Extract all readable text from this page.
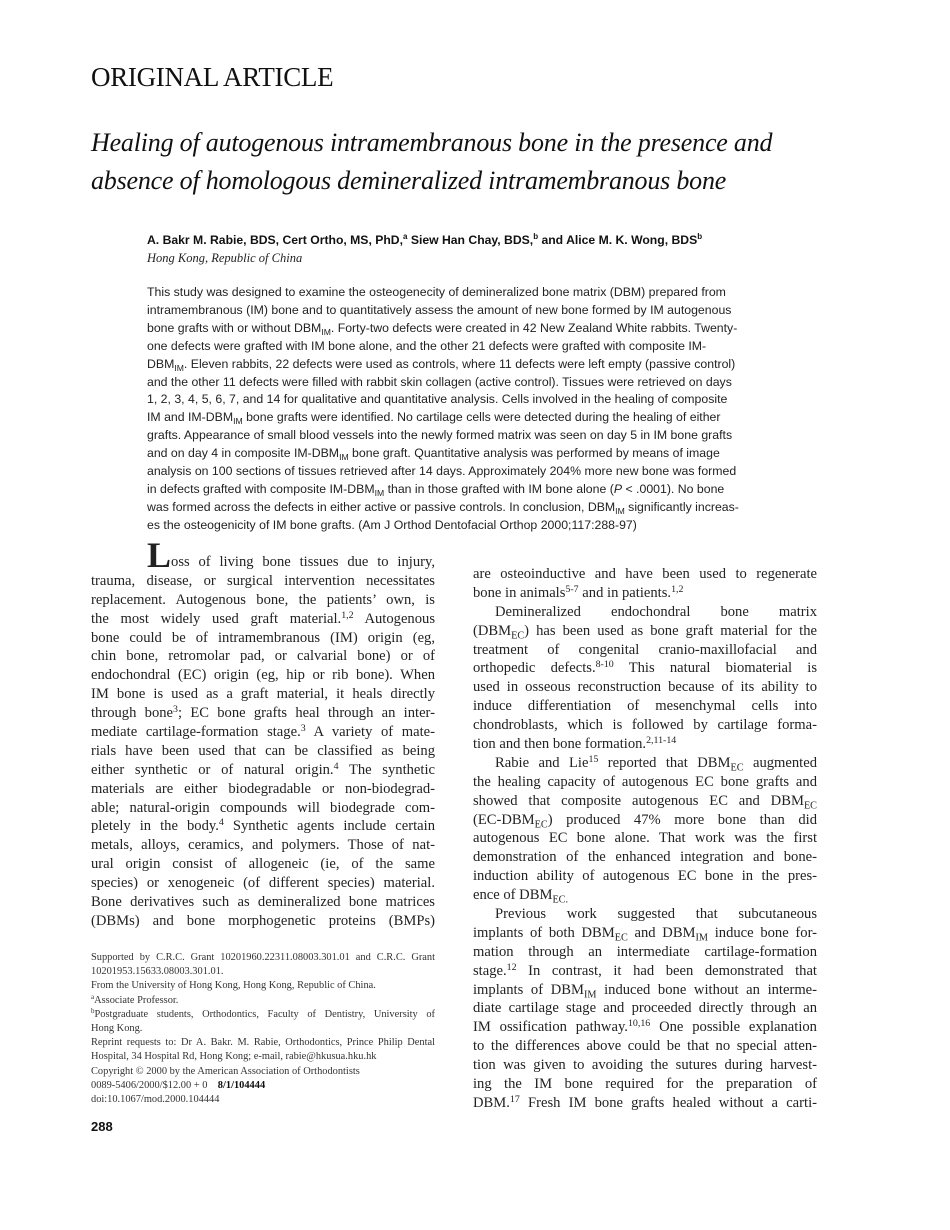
ORIGINAL ARTICLE
Healing of autogenous intramembranous bone in the presence and
absence of homologous demineralized intramembranous bone
A. Bakr M. Rabie, BDS, Cert Ortho, MS, PhD,$^a$ Siew Han Chay, BDS,$^b$ and Alice M. K. Wong, BDS$^b$
Hong Kong, Republic of China
This study was designed to examine the osteogenecity of demineralized bone matrix (DBM) prepared from
intramembranous (IM) bone and to quantitatively assess the amount of new bone formed by IM autogenous
bone grafts with or without $DBM_{IM}$. Forty-two defects were created in 42 New Zealand White rabbits. Twenty-
one defects were grafted with IM bone alone, and the other 21 defects were grafted with composite IM-
$DBM_{IM}$. Eleven rabbits, 22 defects were used as controls, where 11 defects were left empty (passive control)
and the other 11 defects were filled with rabbit skin collagen (active control). Tissues were retrieved on days
1, 2, 3, 4, 5, 6, 7, and 14 for qualitative and quantitative analysis. Cells involved in the healing of composite
IM and $IM-DBM_{IM}$ bone grafts were identified. No cartilage cells were detected during the healing of either
grafts. Appearance of small blood vessels into the newly formed matrix was seen on day 5 in IM bone grafts
and on day 4 in composite $IM-DBM_{IM}$ bone graft. Quantitative analysis was performed by means of image
analysis on 100 sections of tissues retrieved after 14 days. Approximately 204% more new bone was formed
in defects grafted with composite $IM-DBM_{IM}$ than in those grafted with IM bone alone (P < .0001). No bone
was formed across the defects in either active or passive controls. In conclusion, $DBM_{IM}$ significantly increas-
es the osteogenicity of IM bone grafts. (Am J Orthod Dentofacial Orthop 2000;117:288-97)
Loss of living bone tissues due to injury,
trauma, disease, or surgical intervention necessitates
replacement. Autogenous bone, the patients’ own, is
the most widely used graft material.$^{1,2}$ Autogenous
bone could be of intramembranous (IM) origin (eg,
chin bone, retromolar pad, or calvarial bone) or of
endochondral (EC) origin (eg, hip or rib bone). When
IM bone is used as a graft material, it heals directly
through bone$^3$; EC bone grafts heal through an inter-
mediate cartilage-formation stage.$^3$ A variety of mate-
rials have been used that can be classified as being
either synthetic or of natural origin.$^4$ The synthetic
materials are either biodegradable or non-biodegrad-
able; natural-origin compounds will biodegrade com-
pletely in the body.$^4$ Synthetic agents include certain
metals, alloys, ceramics, and polymers. Those of nat-
ural origin consist of allogeneic (ie, of the same
species) or xenogeneic (of different species) material.
Bone derivatives such as demineralized bone matrices
(DBMs) and bone morphogenetic proteins (BMPs)
are osteoinductive and have been used to regenerate
bone in animals$^{5-7}$ and in patients.$^{1,2}$
Demineralized endochondral bone matrix
$(DBM_{EC})$ has been used as bone graft material for the
treatment of congenital cranio-maxillofacial and
orthopedic defects.$^{8-10}$ This natural biomaterial is
used in osseous reconstruction because of its ability to
induce differentiation of mesenchymal cells into
chondroblasts, which is followed by cartilage forma-
tion and then bone formation.$^{2,11-14}$
Rabie and Lie$^{15}$ reported that $DBM_{EC}$ augmented
the healing capacity of autogenous EC bone grafts and
showed that composite autogenous EC and $DBM_{EC}$
$(EC-DBM_{EC})$ produced 47% more bone than did
autogenous EC bone alone. That work was the first
demonstration of the enhanced integration and bone-
induction ability of autogenous EC bone in the pres-
ence of $DBM_{EC.}$
Previous work suggested that subcutaneous
implants of both $DBM_{EC}$ and $DBM_{IM}$ induce bone for-
mation through an intermediate cartilage-formation
stage.$^{12}$ In contrast, it had been demonstrated that
implants of $DBM_{IM}$ induced bone without an interme-
diate cartilage stage and proceeded directly through an
IM ossification pathway.$^{10,16}$ One possible explanation
to the differences above could be that no special atten-
tion was given to avoiding the sutures during harvest-
ing the IM bone required for the preparation of
DBM.$^{17}$ Fresh IM bone grafts healed without a carti-
Supported by C.R.C. Grant 10201960.22311.08003.301.01 and C.R.C. Grant
10201953.15633.08003.301.01.
From the University of Hong Kong, Hong Kong, Republic of China.
$^a$Associate Professor.
$^b$Postgraduate students, Orthodontics, Faculty of Dentistry, University of
Hong Kong.
Reprint requests to: Dr A. Bakr. M. Rabie, Orthodontics, Prince Philip Dental
Hospital, 34 Hospital Rd, Hong Kong; e-mail, rabie@hkusua.hku.hk
Copyright © 2000 by the American Association of Orthodontists
0089-5406/2000/$12.00 + 0 8/1/104444
doi:10.1067/mod.2000.104444
288
